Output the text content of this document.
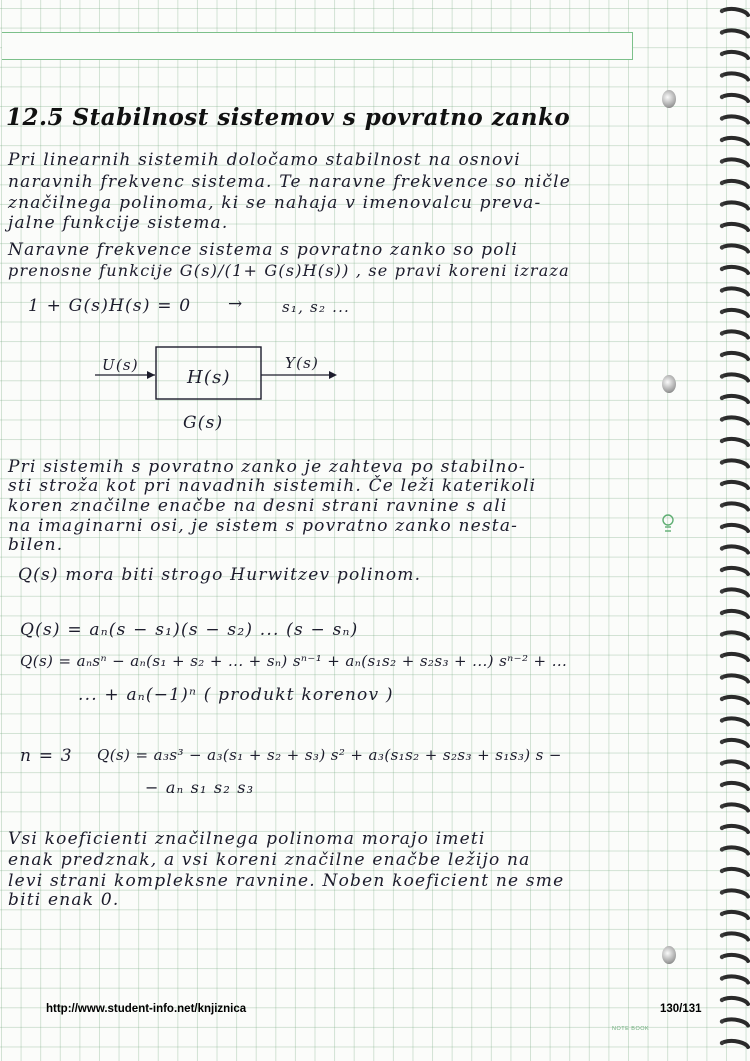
12.5 Stabilnost sistemov s povratno zanko
Pri linearnih sistemih določamo stabilnost na osnovi
naravnih frekvenc sistema. Te naravne frekvence so ničle
značilnega polinoma, ki se nahaja v imenovalcu preva-
jalne funkcije sistema.
Naravne frekvence sistema s povratno zanko so poli
prenosne funkcije G(s)/(1+ G(s)H(s)) , se pravi koreni izraza
1 + G(s)H(s) = 0 →	s₁, s₂ ...
U(s)
H(s)
Y(s)
G(s)
Pri sistemih s povratno zanko je zahteva po stabilno-
sti stroža kot pri navadnih sistemih. Če leži katerikoli
koren značilne enačbe na desni strani ravnine s ali
na imaginarni osi, je sistem s povratno zanko nesta-
bilen.
Q(s) mora biti strogo Hurwitzev polinom.
Q(s) = aₙ(s − s₁)(s − s₂) ... (s − sₙ)
Q(s) = aₙsⁿ − aₙ(s₁ + s₂ + ... + sₙ) sⁿ⁻¹ + aₙ(s₁s₂ + s₂s₃ + ...) sⁿ⁻² + ...
... + aₙ(−1)ⁿ ( produkt korenov )
n = 3 Q(s) = a₃s³ − a₃(s₁ + s₂ + s₃) s² + a₃(s₁s₂ + s₂s₃ + s₁s₃) s −
− aₙ s₁ s₂ s₃
Vsi koeficienti značilnega polinoma morajo imeti
enak predznak, a vsi koreni značilne enačbe ležijo na
levi strani kompleksne ravnine. Noben koeficient ne sme
biti enak 0.
http://www.student-info.net/knjiznica	130/131
NOTE BOOK
